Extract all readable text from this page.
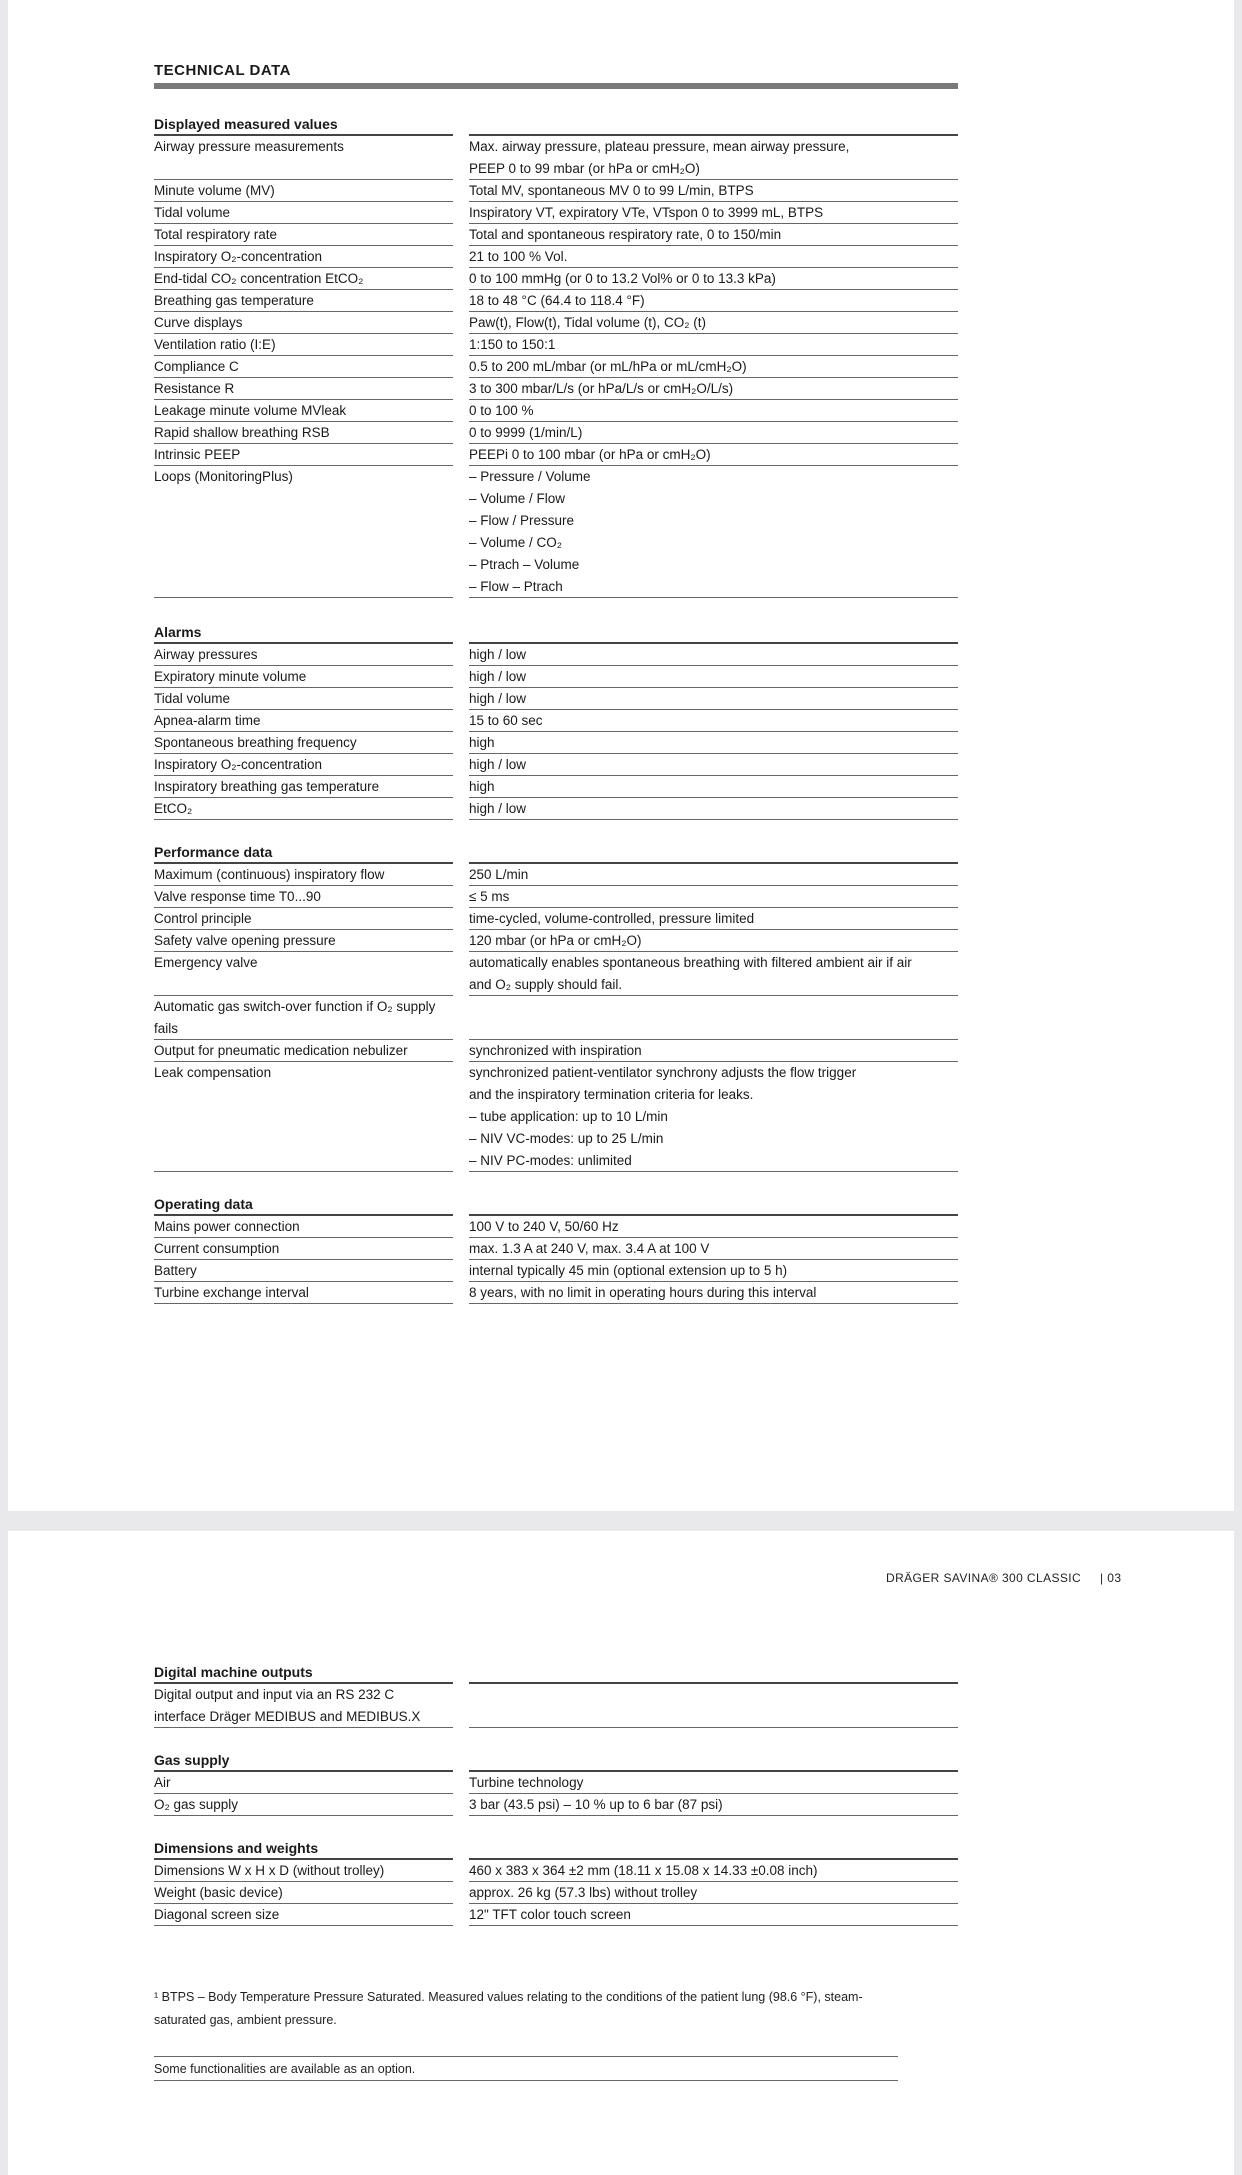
TECHNICAL DATA
Displayed measured values
Airway pressure measurements	Max. airway pressure, plateau pressure, mean airway pressure,
PEEP 0 to 99 mbar (or hPa or cmH₂O)
Minute volume (MV)	Total MV, spontaneous MV 0 to 99 L/min, BTPS
Tidal volume	Inspiratory VT, expiratory VTe, VTspon 0 to 3999 mL, BTPS
Total respiratory rate	Total and spontaneous respiratory rate, 0 to 150/min
Inspiratory O₂-concentration	21 to 100 % Vol.
End-tidal CO₂ concentration EtCO₂	0 to 100 mmHg (or 0 to 13.2 Vol% or 0 to 13.3 kPa)
Breathing gas temperature	18 to 48 °C (64.4 to 118.4 °F)
Curve displays	Paw(t), Flow(t), Tidal volume (t), CO₂ (t)
Ventilation ratio (I:E)	1:150 to 150:1
Compliance C	0.5 to 200 mL/mbar (or mL/hPa or mL/cmH₂O)
Resistance R	3 to 300 mbar/L/s (or hPa/L/s or cmH₂O/L/s)
Leakage minute volume MVleak	0 to 100 %
Rapid shallow breathing RSB	0 to 9999 (1/min/L)
Intrinsic PEEP	PEEPi 0 to 100 mbar (or hPa or cmH₂O)
Loops (MonitoringPlus)	– Pressure / Volume
– Volume / Flow
– Flow / Pressure
– Volume / CO₂
– Ptrach – Volume
– Flow – Ptrach
Alarms
Airway pressures	high / low
Expiratory minute volume	high / low
Tidal volume	high / low
Apnea-alarm time	15 to 60 sec
Spontaneous breathing frequency	high
Inspiratory O₂-concentration	high / low
Inspiratory breathing gas temperature	high
EtCO₂	high / low
Performance data
Maximum (continuous) inspiratory flow	250 L/min
Valve response time T0...90	≤ 5 ms
Control principle	time-cycled, volume-controlled, pressure limited
Safety valve opening pressure	120 mbar (or hPa or cmH₂O)
Emergency valve	automatically enables spontaneous breathing with filtered ambient air if air
and O₂ supply should fail.
Automatic gas switch-over function if O₂ supply fails

Output for pneumatic medication nebulizer	synchronized with inspiration
Leak compensation	synchronized patient-ventilator synchrony adjusts the flow trigger
and the inspiratory termination criteria for leaks.
– tube application: up to 10 L/min
– NIV VC-modes: up to 25 L/min
– NIV PC-modes: unlimited
Operating data
Mains power connection	100 V to 240 V, 50/60 Hz
Current consumption	max. 1.3 A at 240 V, max. 3.4 A at 100 V
Battery	internal typically 45 min (optional extension up to 5 h)
Turbine exchange interval	8 years, with no limit in operating hours during this interval
DRÄGER SAVINA® 300 CLASSIC | 03
Digital machine outputs
Digital output and input via an RS 232 C interface Dräger MEDIBUS and MEDIBUS.X

Gas supply
Air	Turbine technology
O₂ gas supply	3 bar (43.5 psi) – 10 % up to 6 bar (87 psi)
Dimensions and weights
Dimensions W x H x D (without trolley)	460 x 383 x 364 ±2 mm (18.11 x 15.08 x 14.33 ±0.08 inch)
Weight (basic device)	approx. 26 kg (57.3 lbs) without trolley
Diagonal screen size	12" TFT color touch screen
¹ BTPS – Body Temperature Pressure Saturated. Measured values relating to the conditions of the patient lung (98.6 °F), steam-saturated gas, ambient pressure.
Some functionalities are available as an option.
